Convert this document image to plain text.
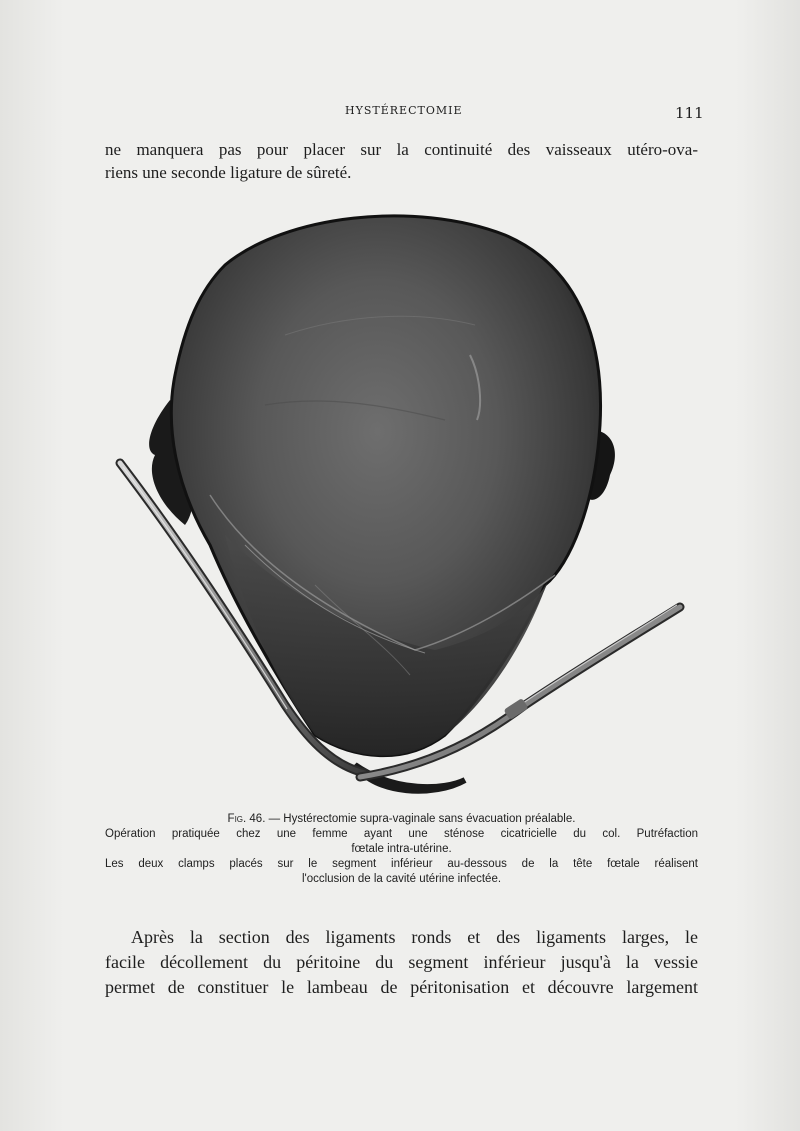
HYSTÉRECTOMIE	111
ne manquera pas pour placer sur la continuité des vaisseaux utéro-ova-
riens une seconde ligature de sûreté.
Fig. 46. — Hystérectomie supra-vaginale sans évacuation préalable.
Opération pratiquée chez une femme ayant une sténose cicatricielle du col. Putréfaction
fœtale intra-utérine.
Les deux clamps placés sur le segment inférieur au-dessous de la tête fœtale réalisent
l'occlusion de la cavité utérine infectée.
Après la section des ligaments ronds et des ligaments larges, le
facile décollement du péritoine du segment inférieur jusqu'à la vessie
permet de constituer le lambeau de péritonisation et découvre largement
